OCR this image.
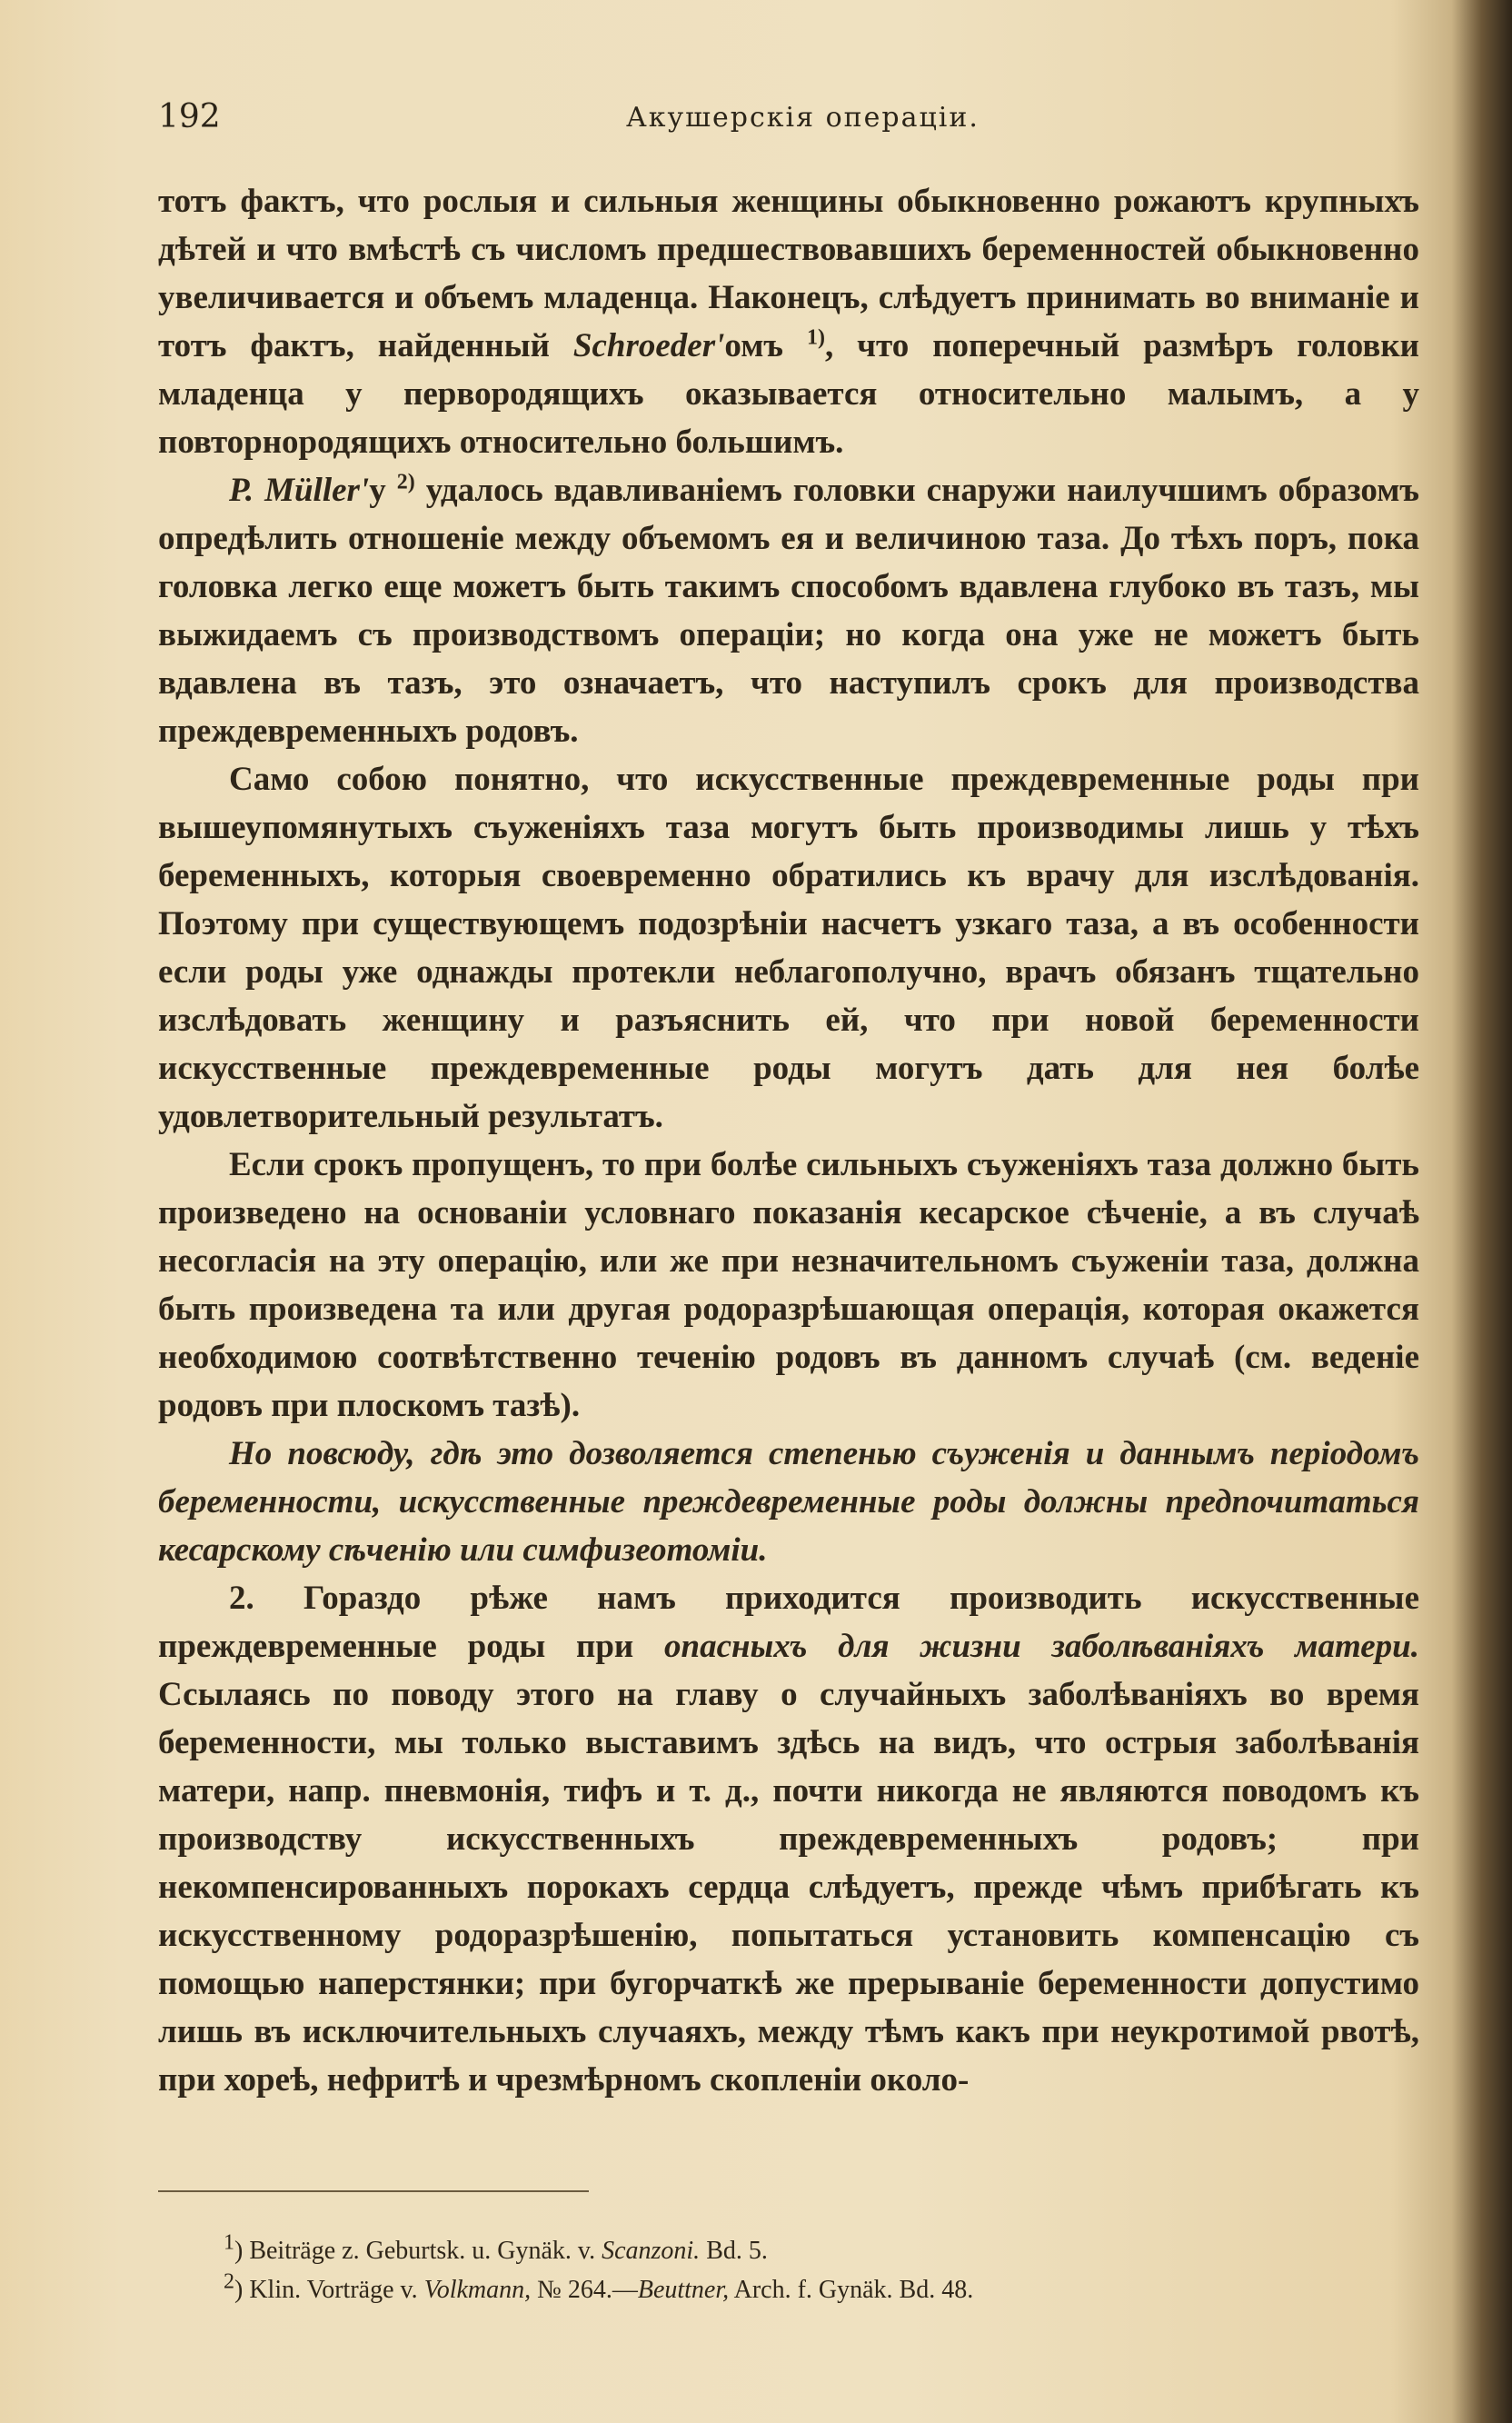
192	Акушерскія операціи.

тотъ фактъ, что рослыя и сильныя женщины обыкновенно рожаютъ крупныхъ дѣтей и что вмѣстѣ съ числомъ предшествовавшихъ беременностей обыкновенно увеличивается и объемъ младенца. Наконецъ, слѣдуетъ принимать во вниманіе и тотъ фактъ, найденный Schroeder'омъ $^{1)}$, что поперечный размѣръ головки младенца у первородящихъ оказывается относительно малымъ, а у повторнородящихъ относительно большимъ.

P. Müller'у $^{2)}$ удалось вдавливаніемъ головки снаружи наилучшимъ образомъ опредѣлить отношеніе между объемомъ ея и величиною таза. До тѣхъ поръ, пока головка легко еще можетъ быть такимъ способомъ вдавлена глубоко въ тазъ, мы выжидаемъ съ производствомъ операціи; но когда она уже не можетъ быть вдавлена въ тазъ, это означаетъ, что наступилъ срокъ для производства преждевременныхъ родовъ.

Само собою понятно, что искусственные преждевременные роды при вышеупомянутыхъ съуженіяхъ таза могутъ быть производимы лишь у тѣхъ беременныхъ, которыя своевременно обратились къ врачу для изслѣдованія. Поэтому при существующемъ подозрѣніи насчетъ узкаго таза, а въ особенности если роды уже однажды протекли неблагополучно, врачъ обязанъ тщательно изслѣдовать женщину и разъяснить ей, что при новой беременности искусственные преждевременные роды могутъ дать для нея болѣе удовлетворительный результатъ.

Если срокъ пропущенъ, то при болѣе сильныхъ съуженіяхъ таза должно быть произведено на основаніи условнаго показанія кесарское сѣченіе, а въ случаѣ несогласія на эту операцію, или же при незначительномъ съуженіи таза, должна быть произведена та или другая родоразрѣшающая операція, которая окажется необходимою соотвѣтственно теченію родовъ въ данномъ случаѣ (см. веденіе родовъ при плоскомъ тазѣ).

Но повсюду, гдѣ это дозволяется степенью съуженія и даннымъ періодомъ беременности, искусственные преждевременные роды должны предпочитаться кесарскому сѣченію или симфизеотоміи.

2. Гораздо рѣже намъ приходится производить искусственные преждевременные роды при опасныхъ для жизни заболѣваніяхъ матери. Ссылаясь по поводу этого на главу о случайныхъ заболѣваніяхъ во время беременности, мы только выставимъ здѣсь на видъ, что острыя заболѣванія матери, напр. пневмонія, тифъ и т. д., почти никогда не являются поводомъ къ производству искусственныхъ преждевременныхъ родовъ; при некомпенсированныхъ порокахъ сердца слѣдуетъ, прежде чѣмъ прибѣгать къ искусственному родоразрѣшенію, попытаться установить компенсацію съ помощью наперстянки; при бугорчаткѣ же прерываніе беременности допустимо лишь въ исключительныхъ случаяхъ, между тѣмъ какъ при неукротимой рвотѣ, при хореѣ, нефритѣ и чрезмѣрномъ скопленіи около-

$^1$) Beiträge z. Geburtsk. u. Gynäk. v. Scanzoni. Bd. 5.
$^2$) Klin. Vorträge v. Volkmann, № 264.—Beuttner, Arch. f. Gynäk. Bd. 48.
